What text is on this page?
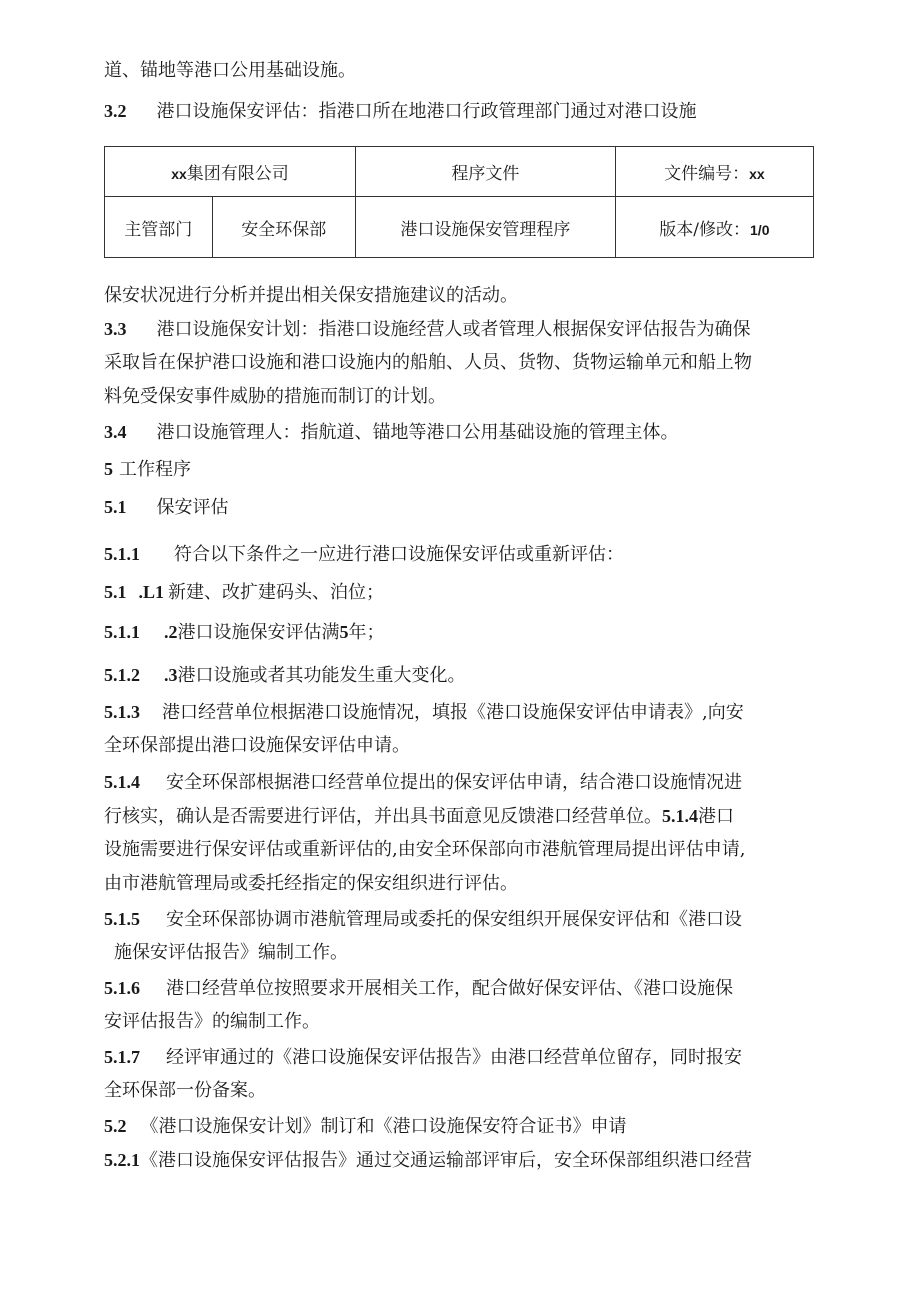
道、锚地等港口公用基础设施。
3.2 港口设施保安评估：指港口所在地港口行政管理部门通过对港口设施
xx集团有限公司		程序文件	文件编号：xx
主管部门	安全环保部	港口设施保安管理程序	版本/修改：1/0
保安状况进行分析并提出相关保安措施建议的活动。
3.3 港口设施保安计划：指港口设施经营人或者管理人根据保安评估报告为确保
采取旨在保护港口设施和港口设施内的船舶、人员、货物、货物运输单元和船上物
料免受保安事件威胁的措施而制订的计划。
3.4 港口设施管理人：指航道、锚地等港口公用基础设施的管理主体。
5 工作程序
5.1 保安评估
5.1.1 符合以下条件之一应进行港口设施保安评估或重新评估：
5.1 .L1 新建、改扩建码头、泊位；
5.1.1 .2港口设施保安评估满5年；
5.1.2 .3港口设施或者其功能发生重大变化。
5.1.3 港口经营单位根据港口设施情况，填报《港口设施保安评估申请表》,向安
全环保部提出港口设施保安评估申请。
5.1.4 安全环保部根据港口经营单位提出的保安评估申请，结合港口设施情况进
行核实，确认是否需要进行评估，并出具书面意见反馈港口经营单位。5.1.4港口
设施需要进行保安评估或重新评估的,由安全环保部向市港航管理局提出评估申请,
由市港航管理局或委托经指定的保安组织进行评估。
5.1.5 安全环保部协调市港航管理局或委托的保安组织开展保安评估和《港口设
施保安评估报告》编制工作。
5.1.6 港口经营单位按照要求开展相关工作，配合做好保安评估、《港口设施保
安评估报告》的编制工作。
5.1.7 经评审通过的《港口设施保安评估报告》由港口经营单位留存，同时报安
全环保部一份备案。
5.2 《港口设施保安计划》制订和《港口设施保安符合证书》申请
5.2.1《港口设施保安评估报告》通过交通运输部评审后，安全环保部组织港口经营
